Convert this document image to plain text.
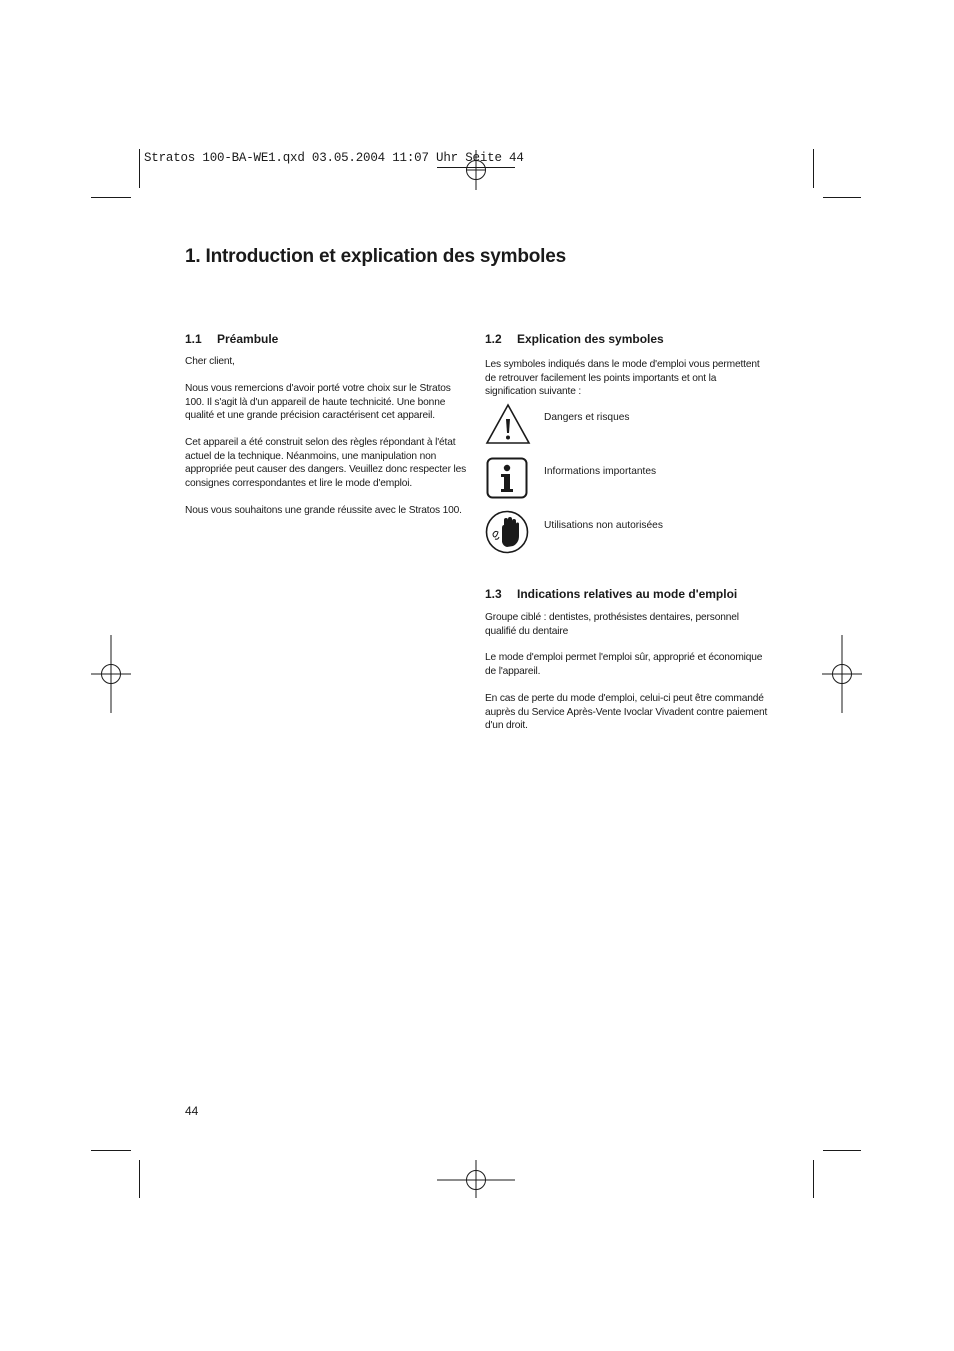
Stratos 100-BA-WE1.qxd 03.05.2004 11:07 Uhr Seite 44
1. Introduction et explication des symboles
1.1 Préambule

Cher client,

Nous vous remercions d'avoir porté votre choix sur le Stratos 100. Il s'agit là d'un appareil de haute technicité. Une bonne qualité et une grande précision caractérisent cet appareil.

Cet appareil a été construit selon des règles répondant à l'état actuel de la technique. Néanmoins, une manipulation non appropriée peut causer des dangers. Veuillez donc respecter les consignes correspondantes et lire le mode d'emploi.

Nous vous souhaitons une grande réussite avec le Stratos 100.

1.2 Explication des symboles

Les symboles indiqués dans le mode d'emploi vous permettent de retrouver facilement les points importants et ont la signification suivante :

Dangers et risques
Informations importantes
Utilisations non autorisées
1.3 Indications relatives au mode d'emploi

Groupe ciblé : dentistes, prothésistes dentaires, personnel qualifié du dentaire

Le mode d'emploi permet l'emploi sûr, approprié et économique de l'appareil.

En cas de perte du mode d'emploi, celui-ci peut être commandé auprès du Service Après-Vente Ivoclar Vivadent contre paiement d'un droit.

44
